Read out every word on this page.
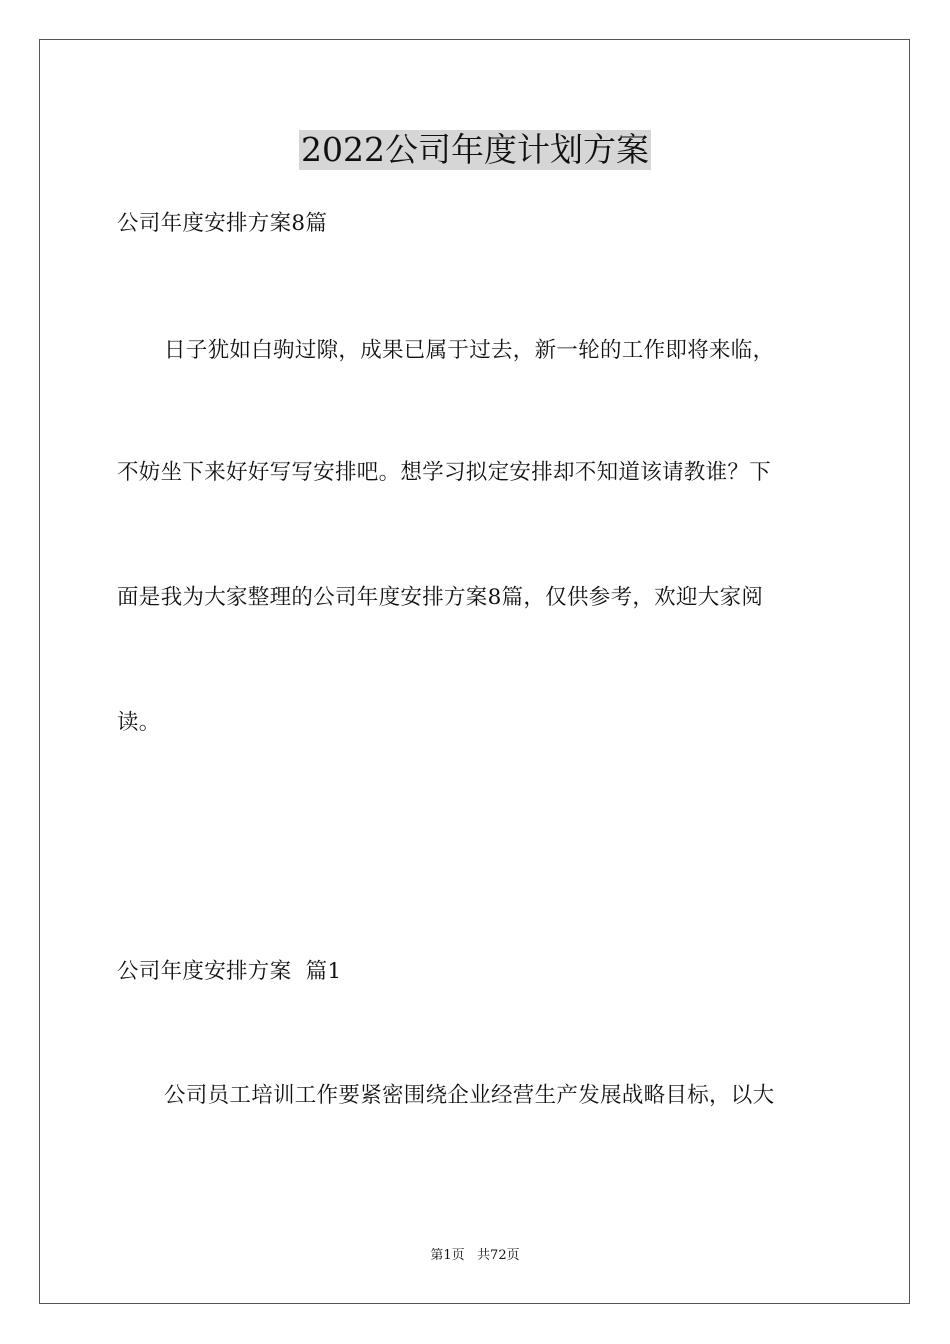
2022公司年度计划方案
公司年度安排方案8篇
日子犹如白驹过隙，成果已属于过去，新一轮的工作即将来临，
不妨坐下来好好写写安排吧。想学习拟定安排却不知道该请教谁？下
面是我为大家整理的公司年度安排方案8篇，仅供参考，欢迎大家阅
读。
公司年度安排方案  篇1
公司员工培训工作要紧密围绕企业经营生产发展战略目标，以大
第1页   共72页
